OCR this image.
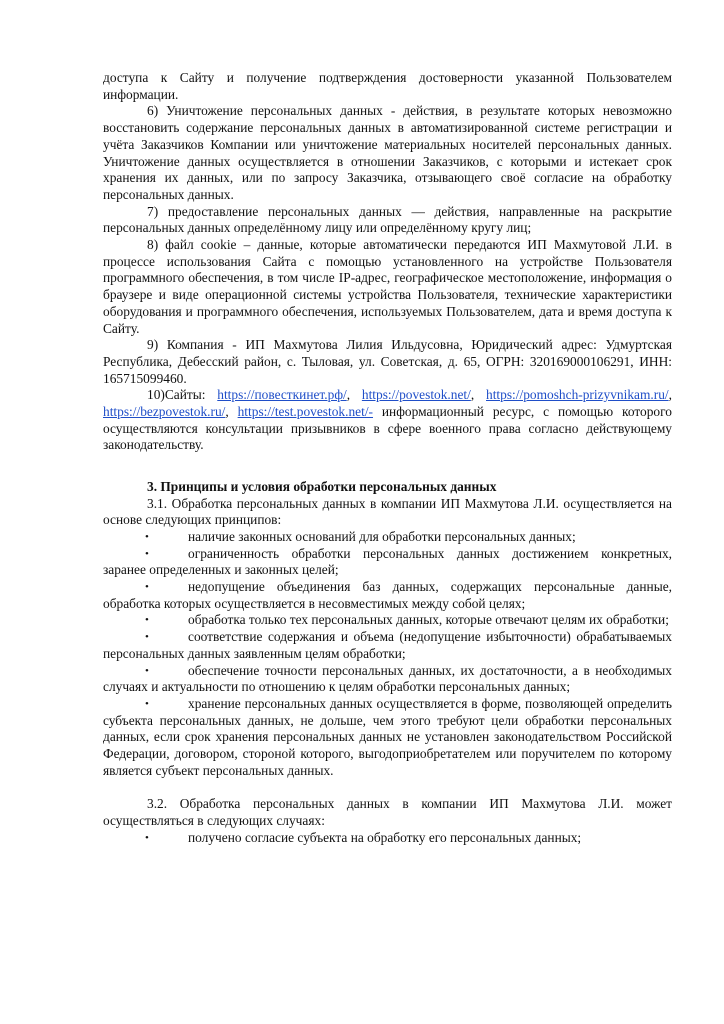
доступа к Сайту и получение подтверждения достоверности указанной Пользователем информации.

6) Уничтожение персональных данных - действия, в результате которых невозможно восстановить содержание персональных данных в автоматизированной системе регистрации и учёта Заказчиков Компании или уничтожение материальных носителей персональных данных. Уничтожение данных осуществляется в отношении Заказчиков, с которыми и истекает срок хранения их данных, или по запросу Заказчика, отзывающего своё согласие на обработку персональных данных.

7) предоставление персональных данных — действия, направленные на раскрытие персональных данных определённому лицу или определённому кругу лиц;

8) файл cookie – данные, которые автоматически передаются ИП Махмутовой Л.И. в процессе использования Сайта с помощью установленного на устройстве Пользователя программного обеспечения, в том числе IP-адрес, географическое местоположение, информация о браузере и виде операционной системы устройства Пользователя, технические характеристики оборудования и программного обеспечения, используемых Пользователем, дата и время доступа к Сайту.

9) Компания - ИП Махмутова Лилия Ильдусовна, Юридический адрес: Удмуртская Республика, Дебесский район, с. Тыловая, ул. Советская, д. 65, ОГРН: 320169000106291, ИНН: 165715099460.

10)Сайты: https://повесткинет.рф/, https://povestok.net/, https://pomoshch-prizyvnikam.ru/, https://bezpovestok.ru/, https://test.povestok.net/- информационный ресурс, с помощью которого осуществляются консультации призывников в сфере военного права согласно действующему законодательству.

3. Принципы и условия обработки персональных данных

3.1. Обработка персональных данных в компании ИП Махмутова Л.И. осуществляется на основе следующих принципов:

•	наличие законных оснований для обработки персональных данных;

•	ограниченность обработки персональных данных достижением конкретных, заранее определенных и законных целей;

•	недопущение объединения баз данных, содержащих персональные данные, обработка которых осуществляется в несовместимых между собой целях;

•	обработка только тех персональных данных, которые отвечают целям их обработки;

•	соответствие содержания и объема (недопущение избыточности) обрабатываемых персональных данных заявленным целям обработки;

•	обеспечение точности персональных данных, их достаточности, а в необходимых случаях и актуальности по отношению к целям обработки персональных данных;

•	хранение персональных данных осуществляется в форме, позволяющей определить субъекта персональных данных, не дольше, чем этого требуют цели обработки персональных данных, если срок хранения персональных данных не установлен законодательством Российской Федерации, договором, стороной которого, выгодоприобретателем или поручителем по которому является субъект персональных данных.

3.2. Обработка персональных данных в компании ИП Махмутова Л.И. может осуществляться в следующих случаях:

•	получено согласие субъекта на обработку его персональных данных;
